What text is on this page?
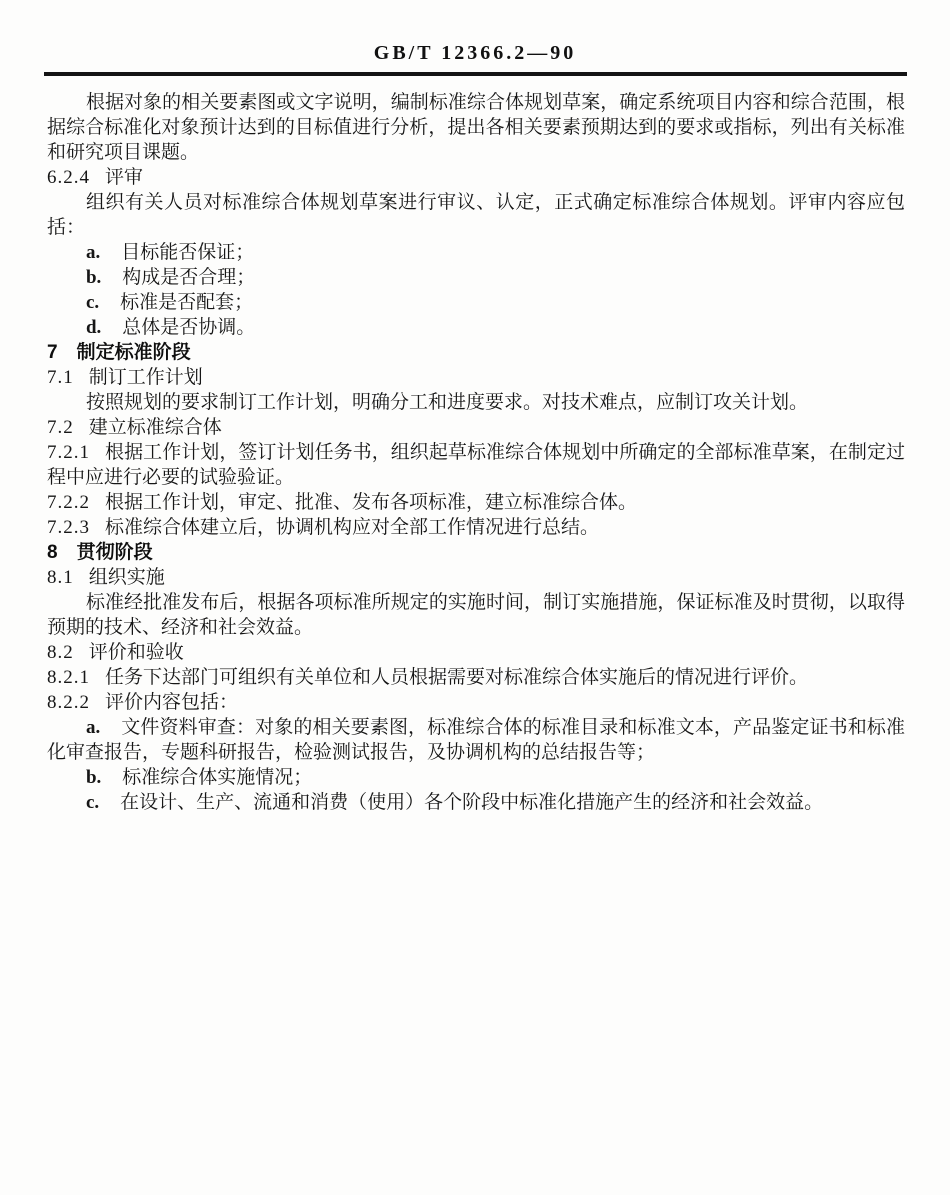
GB/T 12366.2—90

根据对象的相关要素图或文字说明，编制标准综合体规划草案，确定系统项目内容和综合范围，根据综合标准化对象预计达到的目标值进行分析，提出各相关要素预期达到的要求或指标，列出有关标准和研究项目课题。

6.2.4 评审

组织有关人员对标准综合体规划草案进行审议、认定，正式确定标准综合体规划。评审内容应包括：

a. 目标能否保证；

b. 构成是否合理；

c. 标准是否配套；

d. 总体是否协调。

7 制定标准阶段

7.1 制订工作计划

按照规划的要求制订工作计划，明确分工和进度要求。对技术难点，应制订攻关计划。

7.2 建立标准综合体

7.2.1 根据工作计划，签订计划任务书，组织起草标准综合体规划中所确定的全部标准草案，在制定过程中应进行必要的试验验证。

7.2.2 根据工作计划，审定、批准、发布各项标准，建立标准综合体。

7.2.3 标准综合体建立后，协调机构应对全部工作情况进行总结。

8 贯彻阶段

8.1 组织实施

标准经批准发布后，根据各项标准所规定的实施时间，制订实施措施，保证标准及时贯彻，以取得预期的技术、经济和社会效益。

8.2 评价和验收

8.2.1 任务下达部门可组织有关单位和人员根据需要对标准综合体实施后的情况进行评价。

8.2.2 评价内容包括：

a. 文件资料审查：对象的相关要素图，标准综合体的标准目录和标准文本，产品鉴定证书和标准化审查报告，专题科研报告，检验测试报告，及协调机构的总结报告等；

b. 标准综合体实施情况；

c. 在设计、生产、流通和消费（使用）各个阶段中标准化措施产生的经济和社会效益。
